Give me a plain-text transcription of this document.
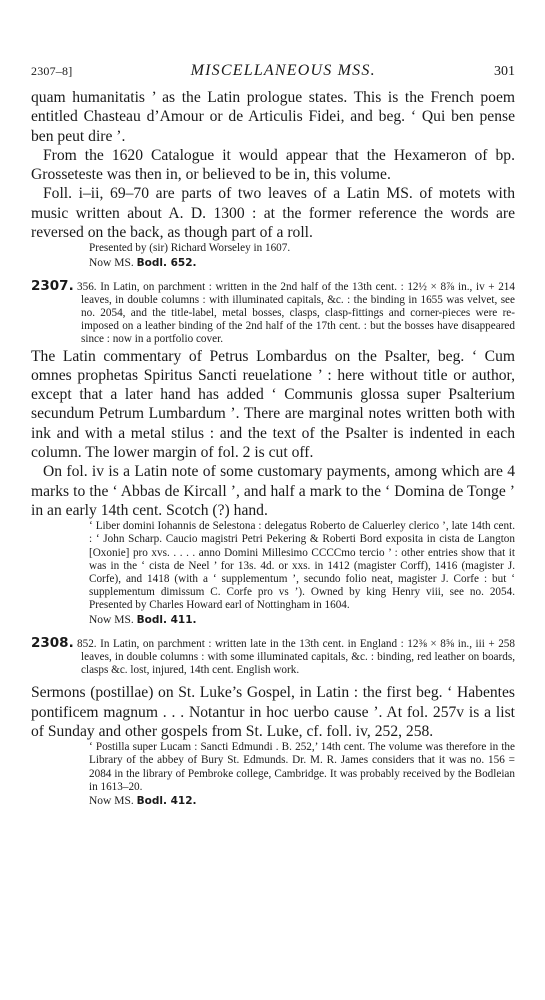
2307–8]	MISCELLANEOUS MSS.	301

quam humanitatis ’ as the Latin prologue states. This is the French poem entitled Chasteau d’Amour or de Articulis Fidei, and beg. ‘ Qui ben pense ben peut dire ’.

From the 1620 Catalogue it would appear that the Hexameron of bp. Grosseteste was then in, or believed to be in, this volume.

Foll. i–ii, 69–70 are parts of two leaves of a Latin MS. of motets with music written about A. D. 1300 : at the former reference the words are reversed on the back, as though part of a roll.

Presented by (sir) Richard Worseley in 1607.

Now MS. Bodl. 652.

2307. 356. In Latin, on parchment : written in the 2nd half of the 13th cent. : 12½ × 8⅞ in., iv + 214 leaves, in double columns : with illuminated capitals, &c. : the binding in 1655 was velvet, see no. 2054, and the title-label, metal bosses, clasps, clasp-fittings and corner-pieces were re-imposed on a leather binding of the 2nd half of the 17th cent. : but the bosses have disappeared since : now in a portfolio cover.

The Latin commentary of Petrus Lombardus on the Psalter, beg. ‘ Cum omnes prophetas Spiritus Sancti reuelatione ’ : here without title or author, except that a later hand has added ‘ Communis glossa super Psalterium secundum Petrum Lumbardum ’. There are marginal notes written both with ink and with a metal stilus : and the text of the Psalter is indented in each column. The lower margin of fol. 2 is cut off.

On fol. iv is a Latin note of some customary payments, among which are 4 marks to the ‘ Abbas de Kircall ’, and half a mark to the ‘ Domina de Tonge ’ in an early 14th cent. Scotch (?) hand.

‘ Liber domini Iohannis de Selestona : delegatus Roberto de Caluerley clerico ’, late 14th cent. : ‘ John Scharp. Caucio magistri Petri Pekering & Roberti Bord exposita in cista de Langton [Oxonie] pro xvs. . . . . anno Domini Millesimo CCCCmo tercio ’ : other entries show that it was in the ‘ cista de Neel ’ for 13s. 4d. or xxs. in 1412 (magister Corff), 1416 (magister J. Corfe), and 1418 (with a ‘ supplementum ’, secundo folio neat, magister J. Corfe : but ‘ supplementum dimissum C. Corfe pro vs ’). Owned by king Henry viii, see no. 2054. Presented by Charles Howard earl of Nottingham in 1604.

Now MS. Bodl. 411.

2308. 852. In Latin, on parchment : written late in the 13th cent. in England : 12⅜ × 8⅝ in., iii + 258 leaves, in double columns : with some illuminated capitals, &c. : binding, red leather on boards, clasps &c. lost, injured, 14th cent. English work.

Sermons (postillae) on St. Luke’s Gospel, in Latin : the first beg. ‘ Habentes pontificem magnum . . . Notantur in hoc uerbo cause ’. At fol. 257v is a list of Sunday and other gospels from St. Luke, cf. foll. iv, 252, 258.

‘ Postilla super Lucam : Sancti Edmundi . B. 252,’ 14th cent. The volume was therefore in the Library of the abbey of Bury St. Edmunds. Dr. M. R. James considers that it was no. 156 = 2084 in the library of Pembroke college, Cambridge. It was probably received by the Bodleian in 1613–20.

Now MS. Bodl. 412.
